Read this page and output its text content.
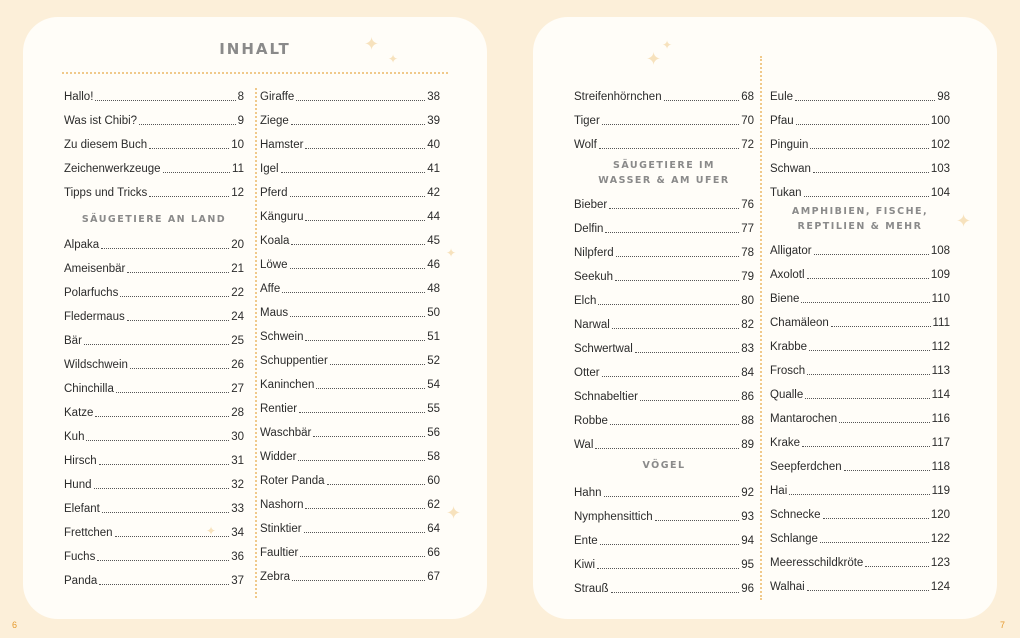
INHALT	✦
✦
Hallo!	8
Was ist Chibi?	9
Zu diesem Buch	10
Zeichenwerkzeuge	11
Tipps und Tricks	12
SÄUGETIERE AN LAND
Alpaka	20
Ameisenbär	21
Polarfuchs	22
Fledermaus	24
Bär	25
Wildschwein	26
Chinchilla	27
Katze	28
Kuh	30
Hirsch	31
Hund	32
Elefant	33
Frettchen	34
Fuchs	36
Panda	37
Giraffe	38
Ziege	39
Hamster	40
Igel	41
Pferd	42
Känguru	44
Koala	45
Löwe	46
Affe	48
Maus	50
Schwein	51
Schuppentier	52
Kaninchen	54
Rentier	55
Waschbär	56
Widder	58
Roter Panda	60
Nashorn	62
Stinktier	64
Faultier	66
Zebra	67
✦
✦
✦
✦
✦
Streifenhörnchen	68
Tiger	70
Wolf	72
SÄUGETIERE IM
WASSER & AM UFER
Bieber	76
Delfin	77
Nilpferd	78
Seekuh	79
Elch	80
Narwal	82
Schwertwal	83
Otter	84
Schnabeltier	86
Robbe	88
Wal	89
VÖGEL
Hahn	92
Nymphensittich	93
Ente	94
Kiwi	95
Strauß	96
Eule	98
Pfau	100
Pinguin	102
Schwan	103
Tukan	104
AMPHIBIEN, FISCHE,
REPTILIEN & MEHR
Alligator	108
Axolotl	109
Biene	110
Chamäleon	111
Krabbe	112
Frosch	113
Qualle	114
Mantarochen	116
Krake	117
Seepferdchen	118
Hai	119
Schnecke	120
Schlange	122
Meeresschildkröte	123
Walhai	124
✦
6	7
